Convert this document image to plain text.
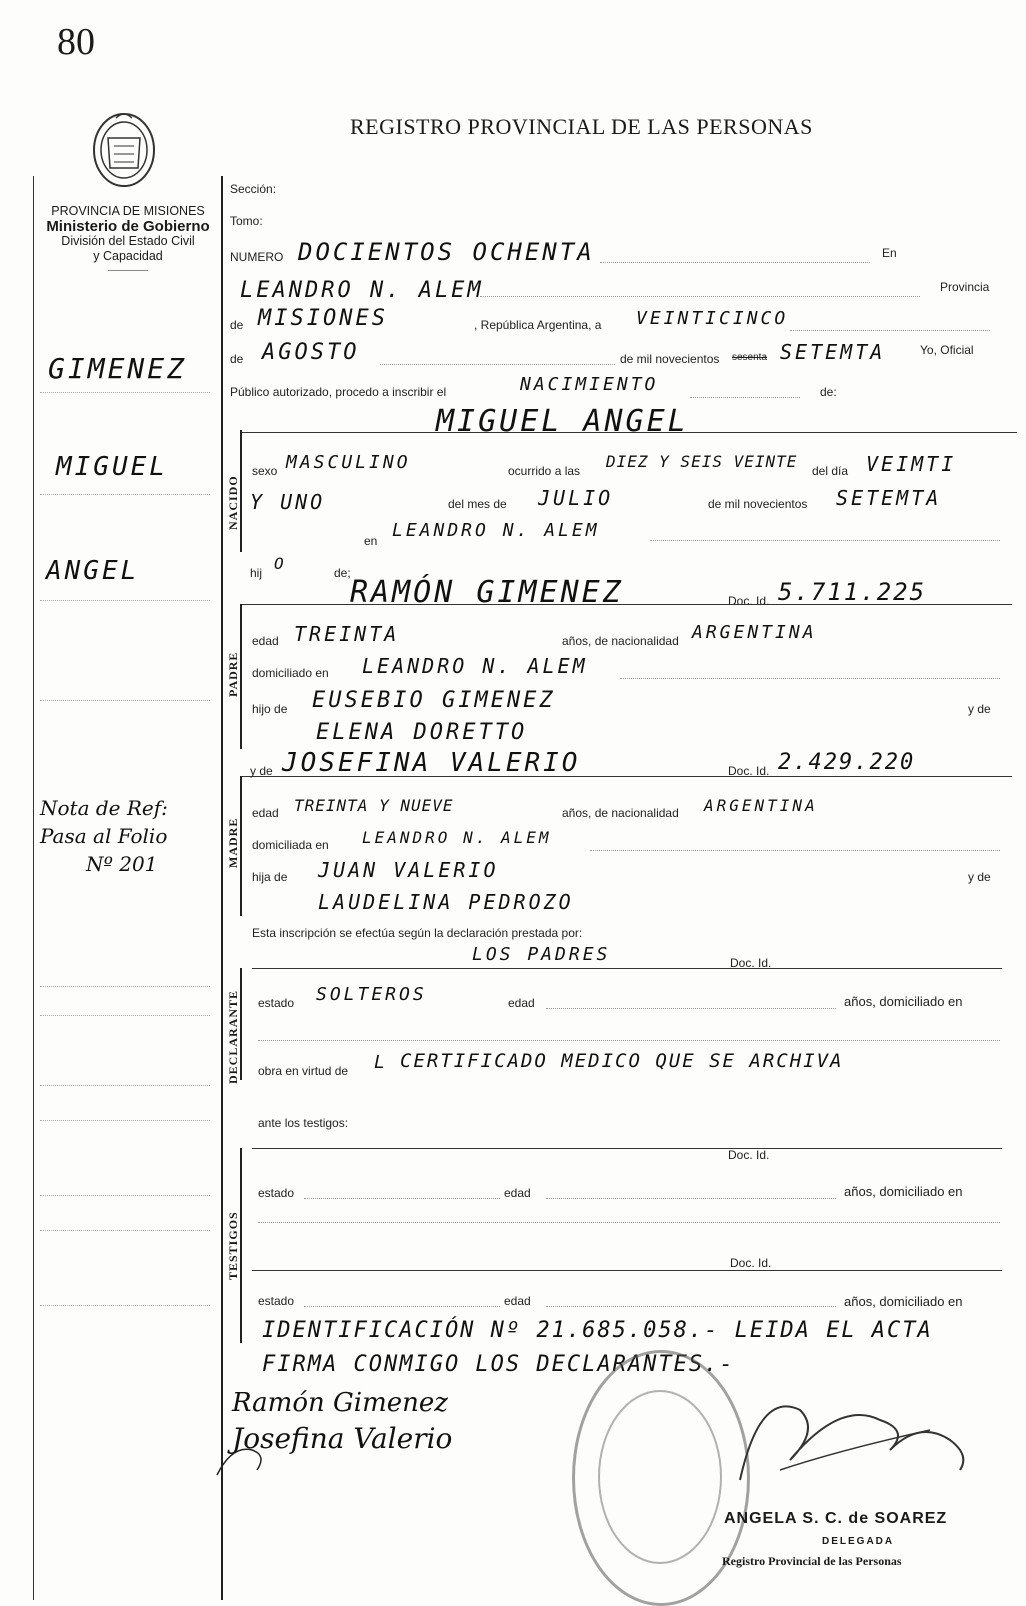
80
REGISTRO PROVINCIAL DE LAS PERSONAS
PROVINCIA DE MISIONES
Ministerio de Gobierno
División del Estado Civil
y Capacidad
GIMENEZ
MIGUEL
ANGEL
Nota de Ref:
Pasa al Folio
Nº 201
Sección:
Tomo:
NUMERO DOCIENTOS OCHENTA	En
LEANDRO N. ALEM	Provincia
de MISIONES	, República Argentina, a VEINTICINCO
de AGOSTO	de mil novecientos sesenta SETEMTA	Yo, Oficial
Público autorizado, procedo a inscribir el	NACIMIENTO	de:
NACIDO
MIGUEL ANGEL
sexo MASCULINO	ocurrido a las DIEZ Y SEIS VEINTE del día VEIMTI
Y UNO	del mes de JULIO	de mil novecientos SETEMTA
en LEANDRO N. ALEM
hij O	de;
RAMÓN GIMENEZ	Doc. Id. 5.711.225
PADRE
edad TREINTA	años, de nacionalidad ARGENTINA
domiciliado en LEANDRO N. ALEM
hijo de EUSEBIO GIMENEZ	y de
ELENA DORETTO
y de JOSEFINA VALERIO	Doc. Id. 2.429.220
MADRE
edad TREINTA Y NUEVE	años, de nacionalidad ARGENTINA
domiciliada en LEANDRO N. ALEM
hija de JUAN VALERIO	y de
LAUDELINA PEDROZO
Esta inscripción se efectúa según la declaración prestada por:
LOS PADRES	Doc. Id.
DECLARANTE estado SOLTEROS	edad	años, domiciliado en
obra en virtud de L CERTIFICADO MEDICO QUE SE ARCHIVA
ante los testigos:
TESTIGOS
Doc. Id.
estado	edad	años, domiciliado en
Doc. Id.
estado	edad	años, domiciliado en
IDENTIFICACIÓN Nº 21.685.058.- LEIDA EL ACTA
FIRMA CONMIGO LOS DECLARANTES.-
Ramón Gimenez
Josefina Valerio
ANGELA S. C. de SOAREZ
DELEGADA
Registro Provincial de las Personas
